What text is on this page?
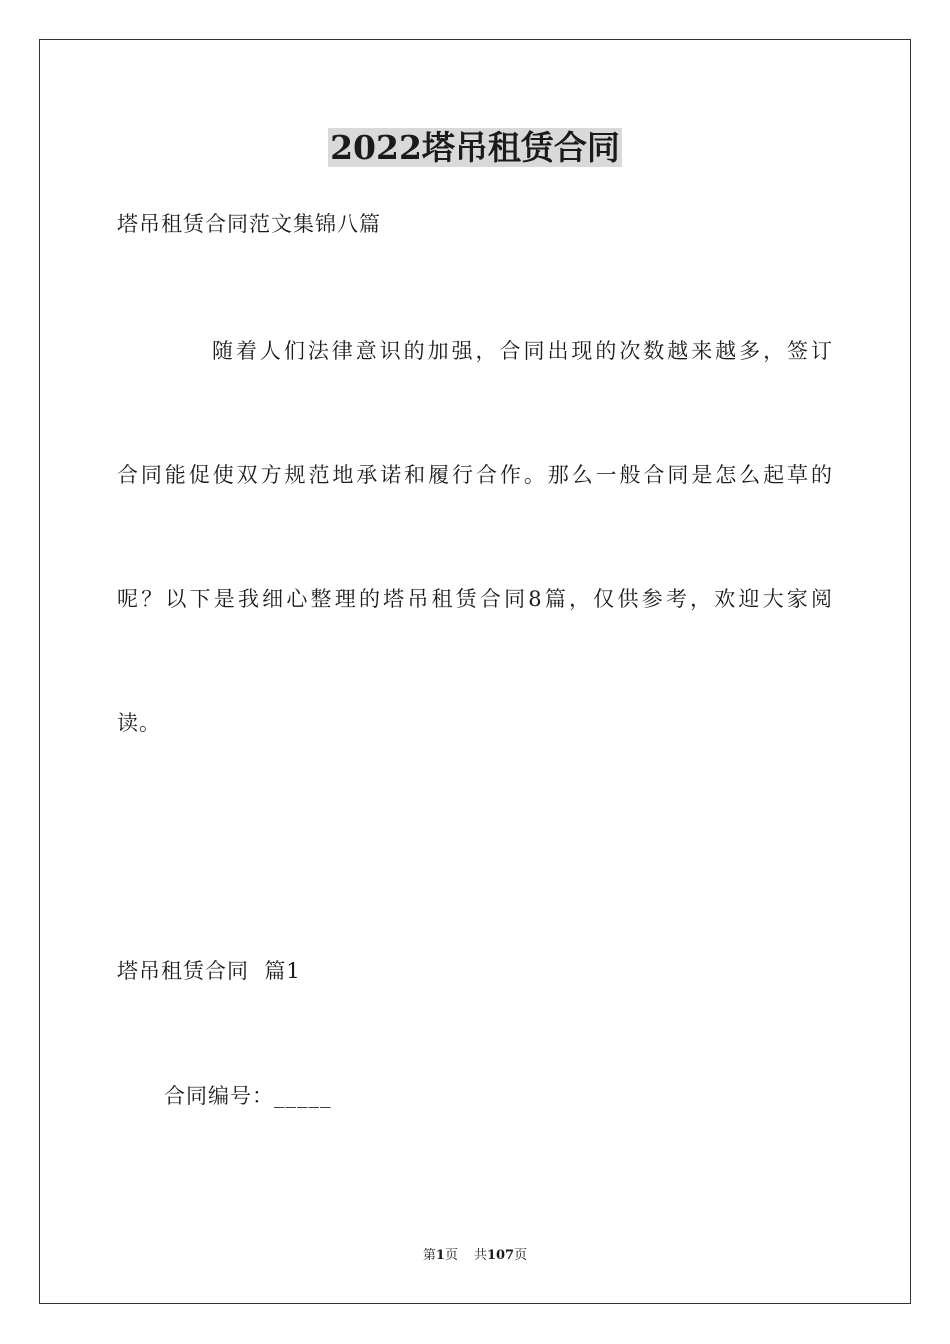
2022塔吊租赁合同
塔吊租赁合同范文集锦八篇
随着人们法律意识的加强，合同出现的次数越来越多，签订
合同能促使双方规范地承诺和履行合作。那么一般合同是怎么起草的
呢？以下是我细心整理的塔吊租赁合同8篇，仅供参考，欢迎大家阅
读。
塔吊租赁合同  篇1
合同编号：_____
第1页 共107页
